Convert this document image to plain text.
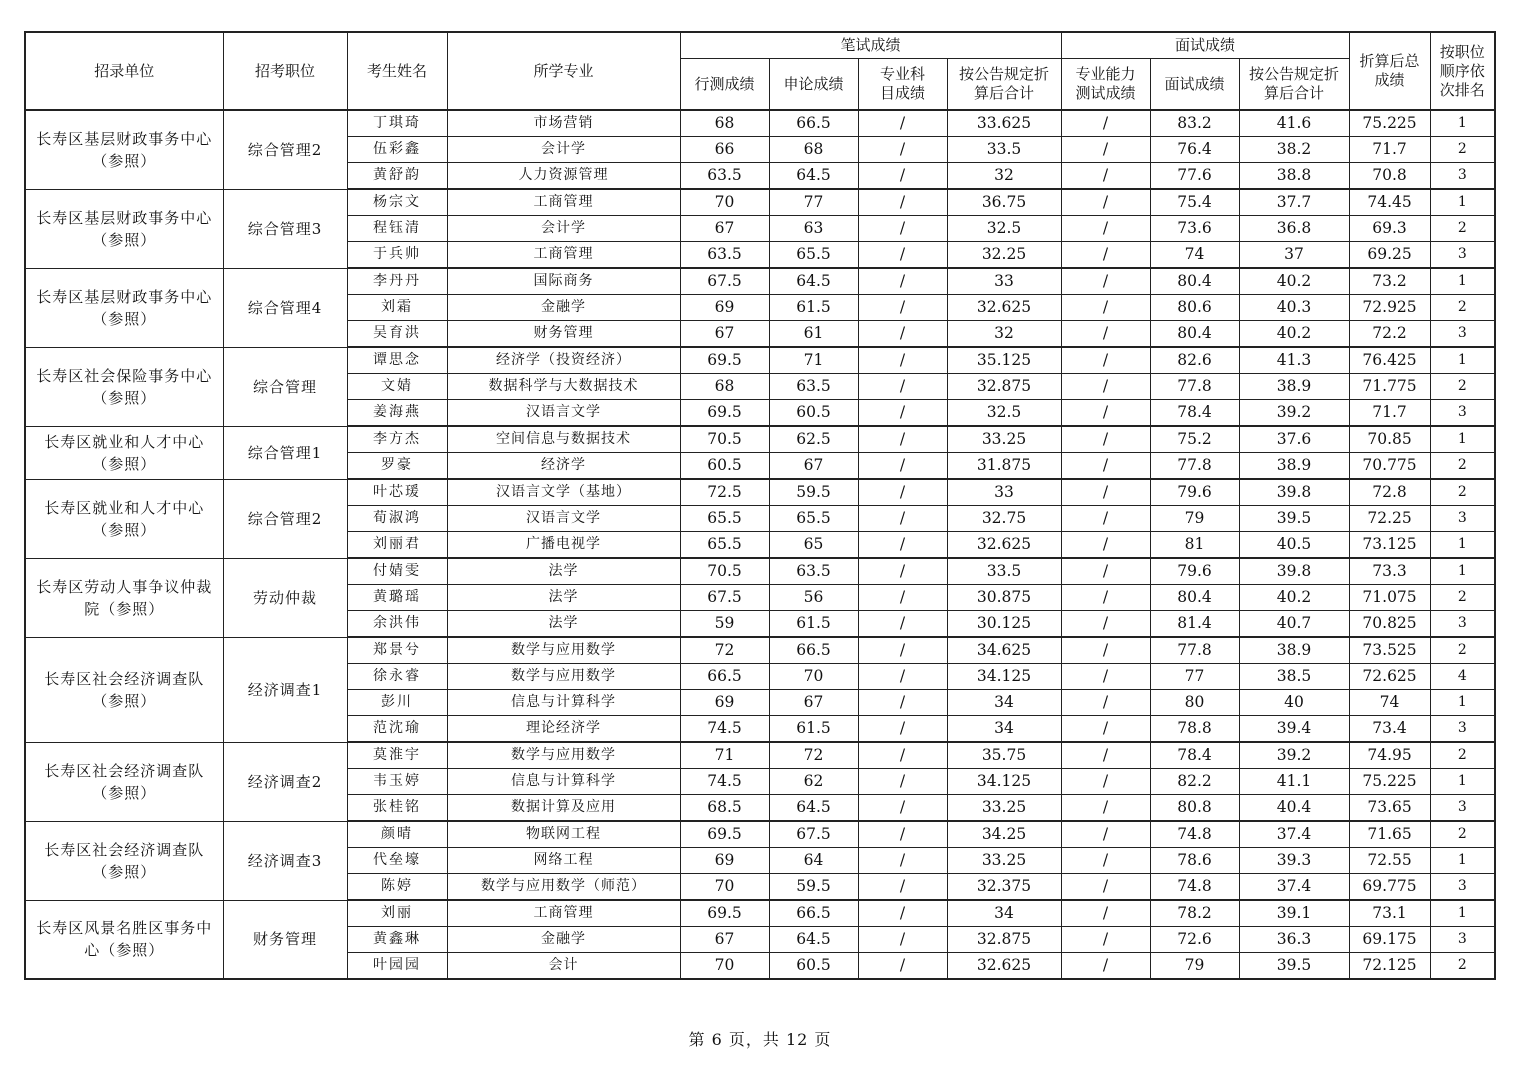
招录单位	招考职位	考生姓名	所学专业	笔试成绩				面试成绩			折算后总成绩	按职位顺序依次排名
				行测成绩	申论成绩	专业科目成绩	按公告规定折算后合计	专业能力测试成绩	面试成绩	按公告规定折算后合计		
长寿区基层财政事务中心（参照）	综合管理2	丁琪琦	市场营销	68	66.5	/	33.625	/	83.2	41.6	75.225	1
		伍彩鑫	会计学	66	68	/	33.5	/	76.4	38.2	71.7	2
		黄舒韵	人力资源管理	63.5	64.5	/	32	/	77.6	38.8	70.8	3
长寿区基层财政事务中心（参照）	综合管理3	杨宗文	工商管理	70	77	/	36.75	/	75.4	37.7	74.45	1
		程钰清	会计学	67	63	/	32.5	/	73.6	36.8	69.3	2
		于兵帅	工商管理	63.5	65.5	/	32.25	/	74	37	69.25	3
长寿区基层财政事务中心（参照）	综合管理4	李丹丹	国际商务	67.5	64.5	/	33	/	80.4	40.2	73.2	1
		刘霜	金融学	69	61.5	/	32.625	/	80.6	40.3	72.925	2
		吴育洪	财务管理	67	61	/	32	/	80.4	40.2	72.2	3
长寿区社会保险事务中心（参照）	综合管理	谭思念	经济学（投资经济）	69.5	71	/	35.125	/	82.6	41.3	76.425	1
		文婧	数据科学与大数据技术	68	63.5	/	32.875	/	77.8	38.9	71.775	2
		姜海燕	汉语言文学	69.5	60.5	/	32.5	/	78.4	39.2	71.7	3
长寿区就业和人才中心（参照）	综合管理1	李方杰	空间信息与数据技术	70.5	62.5	/	33.25	/	75.2	37.6	70.85	1
		罗豪	经济学	60.5	67	/	31.875	/	77.8	38.9	70.775	2
长寿区就业和人才中心（参照）	综合管理2	叶芯瑗	汉语言文学（基地）	72.5	59.5	/	33	/	79.6	39.8	72.8	2
		荀淑鸿	汉语言文学	65.5	65.5	/	32.75	/	79	39.5	72.25	3
		刘丽君	广播电视学	65.5	65	/	32.625	/	81	40.5	73.125	1
长寿区劳动人事争议仲裁院（参照）	劳动仲裁	付婧雯	法学	70.5	63.5	/	33.5	/	79.6	39.8	73.3	1
		黄璐瑶	法学	67.5	56	/	30.875	/	80.4	40.2	71.075	2
		余洪伟	法学	59	61.5	/	30.125	/	81.4	40.7	70.825	3
长寿区社会经济调查队（参照）	经济调查1	郑景兮	数学与应用数学	72	66.5	/	34.625	/	77.8	38.9	73.525	2
		徐永睿	数学与应用数学	66.5	70	/	34.125	/	77	38.5	72.625	4
		彭川	信息与计算科学	69	67	/	34	/	80	40	74	1
		范沈瑜	理论经济学	74.5	61.5	/	34	/	78.8	39.4	73.4	3
长寿区社会经济调查队（参照）	经济调查2	莫淮宇	数学与应用数学	71	72	/	35.75	/	78.4	39.2	74.95	2
		韦玉婷	信息与计算科学	74.5	62	/	34.125	/	82.2	41.1	75.225	1
		张桂铭	数据计算及应用	68.5	64.5	/	33.25	/	80.8	40.4	73.65	3
长寿区社会经济调查队（参照）	经济调查3	颜晴	物联网工程	69.5	67.5	/	34.25	/	74.8	37.4	71.65	2
		代垒壕	网络工程	69	64	/	33.25	/	78.6	39.3	72.55	1
		陈婷	数学与应用数学（师范）	70	59.5	/	32.375	/	74.8	37.4	69.775	3
长寿区风景名胜区事务中心（参照）	财务管理	刘丽	工商管理	69.5	66.5	/	34	/	78.2	39.1	73.1	1
		黄鑫琳	金融学	67	64.5	/	32.875	/	72.6	36.3	69.175	3
		叶园园	会计	70	60.5	/	32.625	/	79	39.5	72.125	2
第 6 页，共 12 页
